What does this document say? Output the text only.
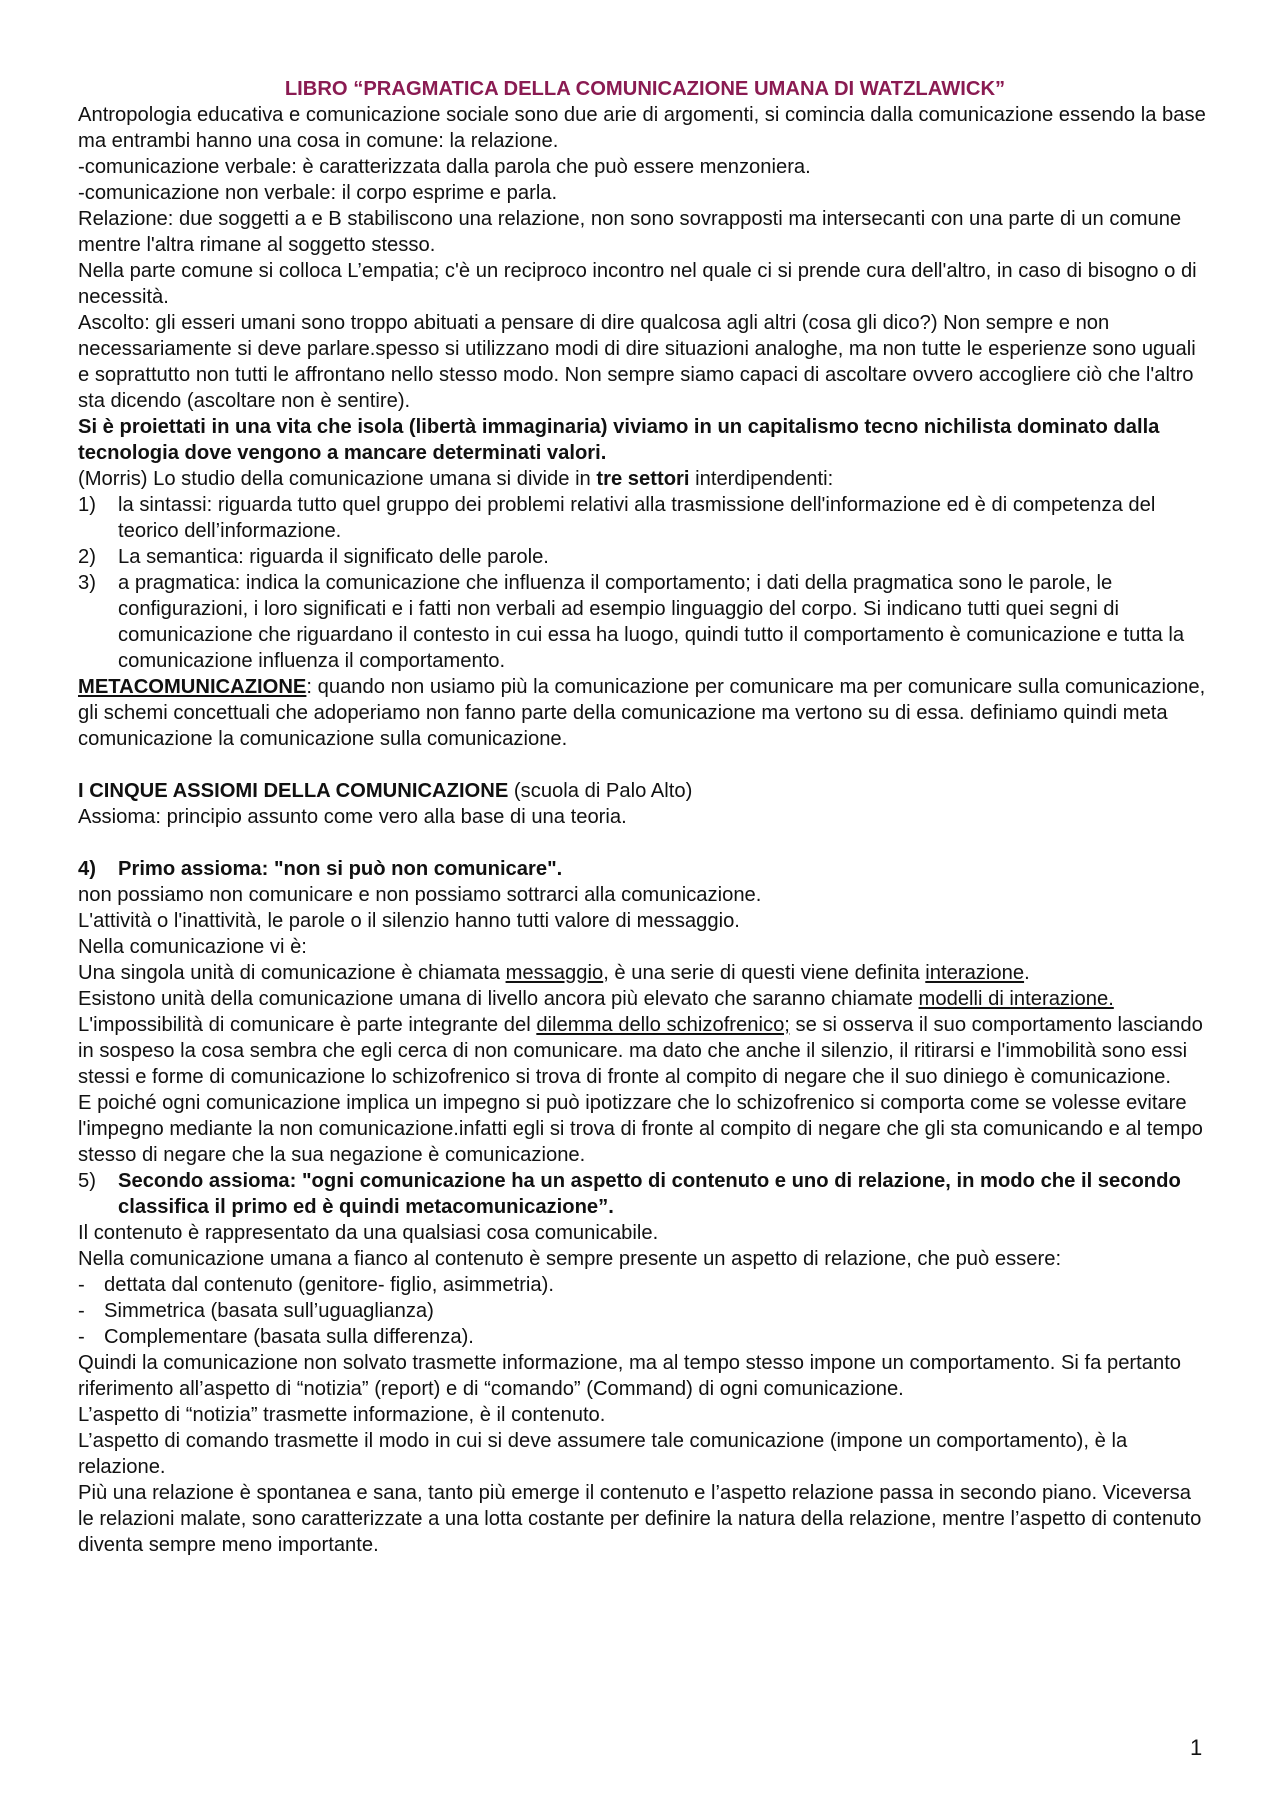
LIBRO “PRAGMATICA DELLA COMUNICAZIONE UMANA DI WATZLAWICK”

Antropologia educativa e comunicazione sociale sono due arie di argomenti, si comincia dalla comunicazione essendo la base ma entrambi hanno una cosa in comune: la relazione.

-comunicazione verbale: è caratterizzata dalla parola che può essere menzoniera.

-comunicazione non verbale: il corpo esprime e parla.

Relazione: due soggetti a e B stabiliscono una relazione, non sono sovrapposti ma intersecanti con una parte di un comune mentre l'altra rimane al soggetto stesso.

Nella parte comune si colloca L’empatia; c'è un reciproco incontro nel quale ci si prende cura dell'altro, in caso di bisogno o di necessità.

Ascolto: gli esseri umani sono troppo abituati a pensare di dire qualcosa agli altri (cosa gli dico?) Non sempre e non necessariamente si deve parlare.spesso si utilizzano modi di dire situazioni analoghe, ma non tutte le esperienze sono uguali e soprattutto non tutti le affrontano nello stesso modo. Non sempre siamo capaci di ascoltare ovvero accogliere ciò che l'altro sta dicendo (ascoltare non è sentire).

Si è proiettati in una vita che isola (libertà immaginaria) viviamo in un capitalismo tecno nichilista dominato dalla tecnologia dove vengono a mancare determinati valori.

(Morris) Lo studio della comunicazione umana si divide in tre settori interdipendenti:

1)	la sintassi: riguarda tutto quel gruppo dei problemi relativi alla trasmissione dell'informazione ed è di competenza del teorico dell’informazione.
2)	La semantica: riguarda il significato delle parole.
3)	a pragmatica: indica la comunicazione che influenza il comportamento; i dati della pragmatica sono le parole, le configurazioni, i loro significati e i fatti non verbali ad esempio linguaggio del corpo. Si indicano tutti quei segni di comunicazione che riguardano il contesto in cui essa ha luogo, quindi tutto il comportamento è comunicazione e tutta la comunicazione influenza il comportamento.

METACOMUNICAZIONE: quando non usiamo più la comunicazione per comunicare ma per comunicare sulla comunicazione, gli schemi concettuali che adoperiamo non fanno parte della comunicazione ma vertono su di essa. definiamo quindi meta comunicazione la comunicazione sulla comunicazione.

I CINQUE ASSIOMI DELLA COMUNICAZIONE (scuola di Palo Alto)

Assioma: principio assunto come vero alla base di una teoria.

4)	Primo assioma: "non si può non comunicare".

non possiamo non comunicare e non possiamo sottrarci alla comunicazione.

L'attività o l'inattività, le parole o il silenzio hanno tutti valore di messaggio.

Nella comunicazione vi è:

Una singola unità di comunicazione è chiamata messaggio, è una serie di questi viene definita interazione.

Esistono unità della comunicazione umana di livello ancora più elevato che saranno chiamate modelli di interazione.

L'impossibilità di comunicare è parte integrante del dilemma dello schizofrenico; se si osserva il suo comportamento lasciando in sospeso la cosa sembra che egli cerca di non comunicare. ma dato che anche il silenzio, il ritirarsi e l'immobilità sono essi stessi e forme di comunicazione lo schizofrenico si trova di fronte al compito di negare che il suo diniego è comunicazione.

E poiché ogni comunicazione implica un impegno si può ipotizzare che lo schizofrenico si comporta come se volesse evitare l'impegno mediante la non comunicazione.infatti egli si trova di fronte al compito di negare che gli sta comunicando e al tempo stesso di negare che la sua negazione è comunicazione.

5)	Secondo assioma: "ogni comunicazione ha un aspetto di contenuto e uno di relazione, in modo che il secondo classifica il primo ed è quindi metacomunicazione”.

Il contenuto è rappresentato da una qualsiasi cosa comunicabile.

Nella comunicazione umana a fianco al contenuto è sempre presente un aspetto di relazione, che può essere:

- dettata dal contenuto (genitore- figlio, asimmetria).
- Simmetrica (basata sull’uguaglianza)
- Complementare (basata sulla differenza).

Quindi la comunicazione non solvato trasmette informazione, ma al tempo stesso impone un comportamento. Si fa pertanto riferimento all’aspetto di “notizia” (report) e di “comando” (Command) di ogni comunicazione.

L’aspetto di “notizia” trasmette informazione, è il contenuto.

L’aspetto di comando trasmette il modo in cui si deve assumere tale comunicazione (impone un comportamento), è la relazione.

Più una relazione è spontanea e sana, tanto più emerge il contenuto e l’aspetto relazione passa in secondo piano. Viceversa le relazioni malate, sono caratterizzate a una lotta costante per definire la natura della relazione, mentre l’aspetto di contenuto diventa sempre meno importante.

1
